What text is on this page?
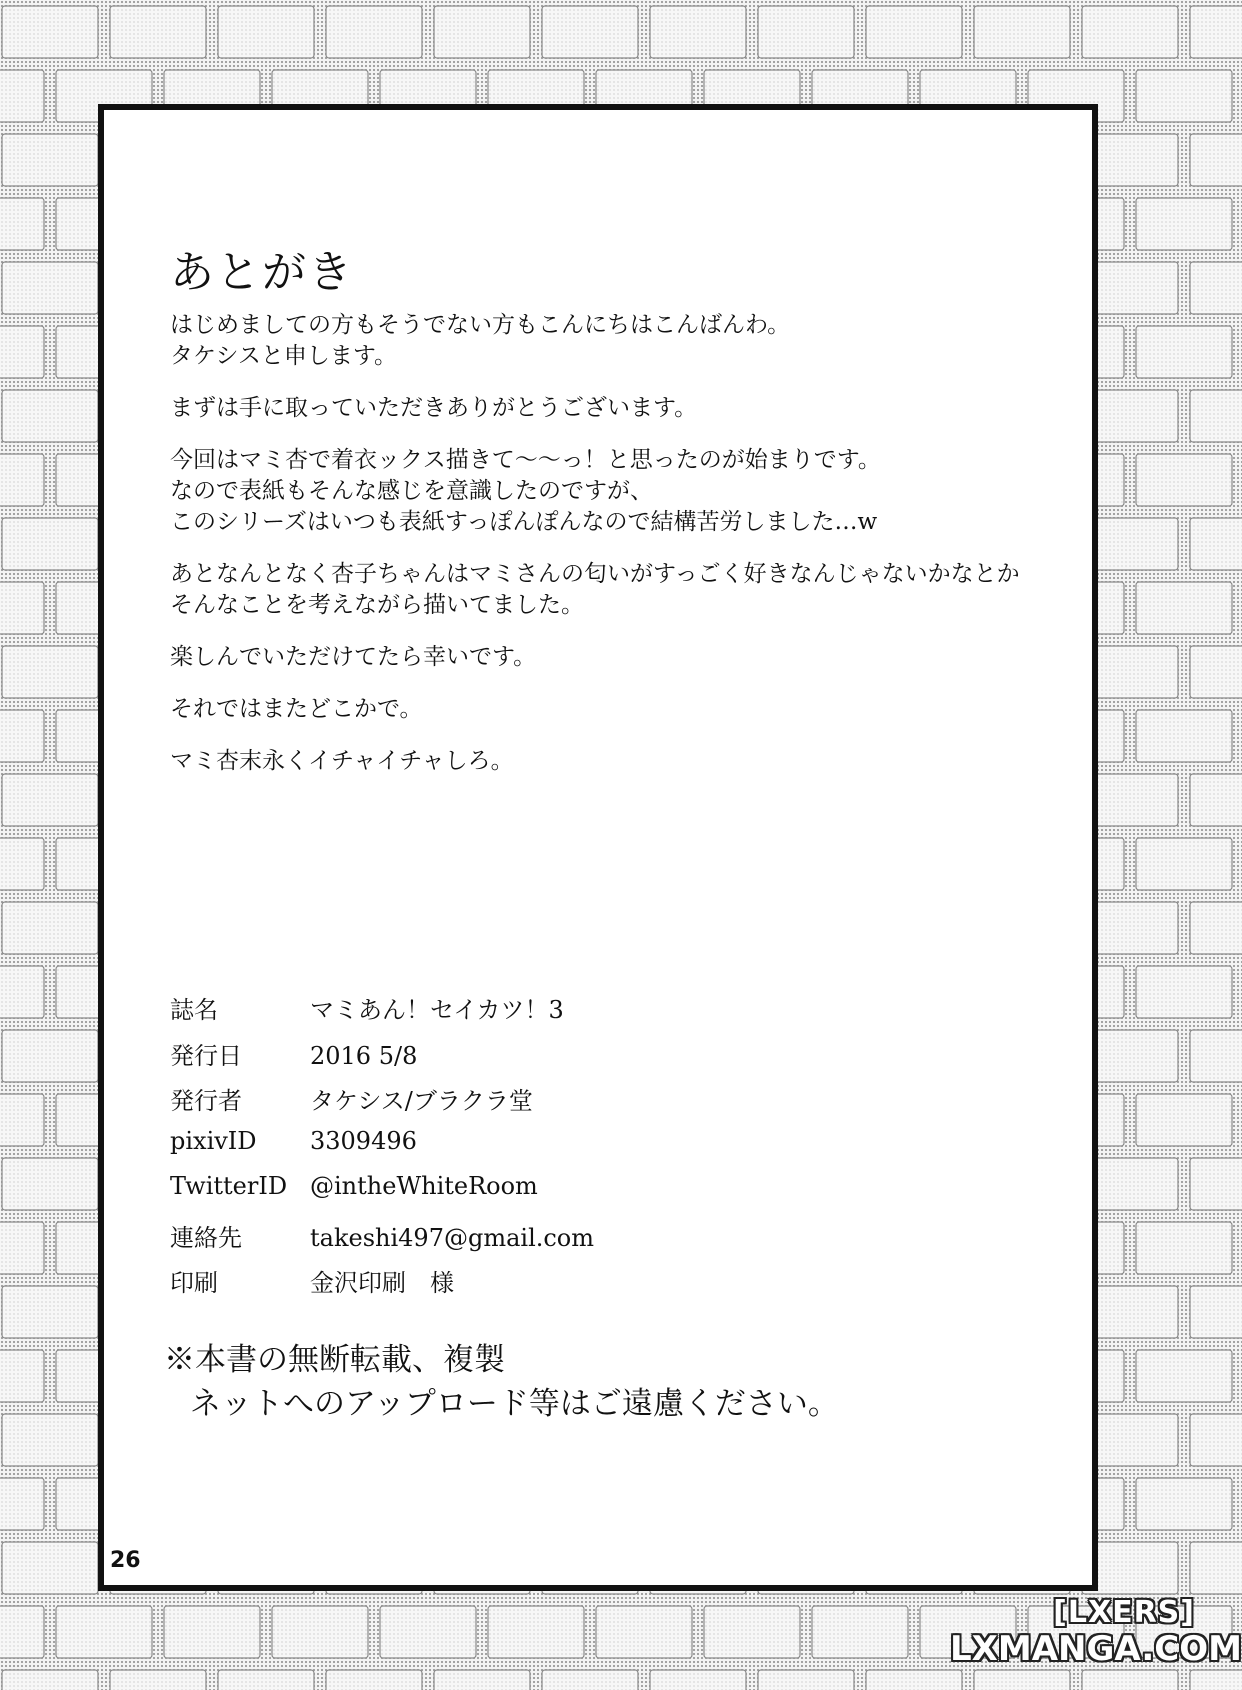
あとがき

はじめましての方もそうでない方もこんにちはこんばんわ。
タケシスと申します。

まずは手に取っていただきありがとうございます。

今回はマミ杏で着衣ックス描きて〜〜っ！と思ったのが始まりです。
なので表紙もそんな感じを意識したのですが、
このシリーズはいつも表紙すっぽんぽんなので結構苦労しました…w

あとなんとなく杏子ちゃんはマミさんの匂いがすっごく好きなんじゃないかなとか
そんなことを考えながら描いてました。

楽しんでいただけてたら幸いです。

それではまたどこかで。

マミ杏末永くイチャイチャしろ。

誌名	マミあん！セイカツ！3
発行日	2016 5/8
発行者	タケシス/ブラクラ堂
pixivID	3309496
TwitterID @intheWhiteRoom
連絡先	takeshi497@gmail.com
印刷	金沢印刷　様
※本書の無断転載、複製
ネットへのアップロード等はご遠慮ください。
26
[LXERS]
LXMANGA.COM
